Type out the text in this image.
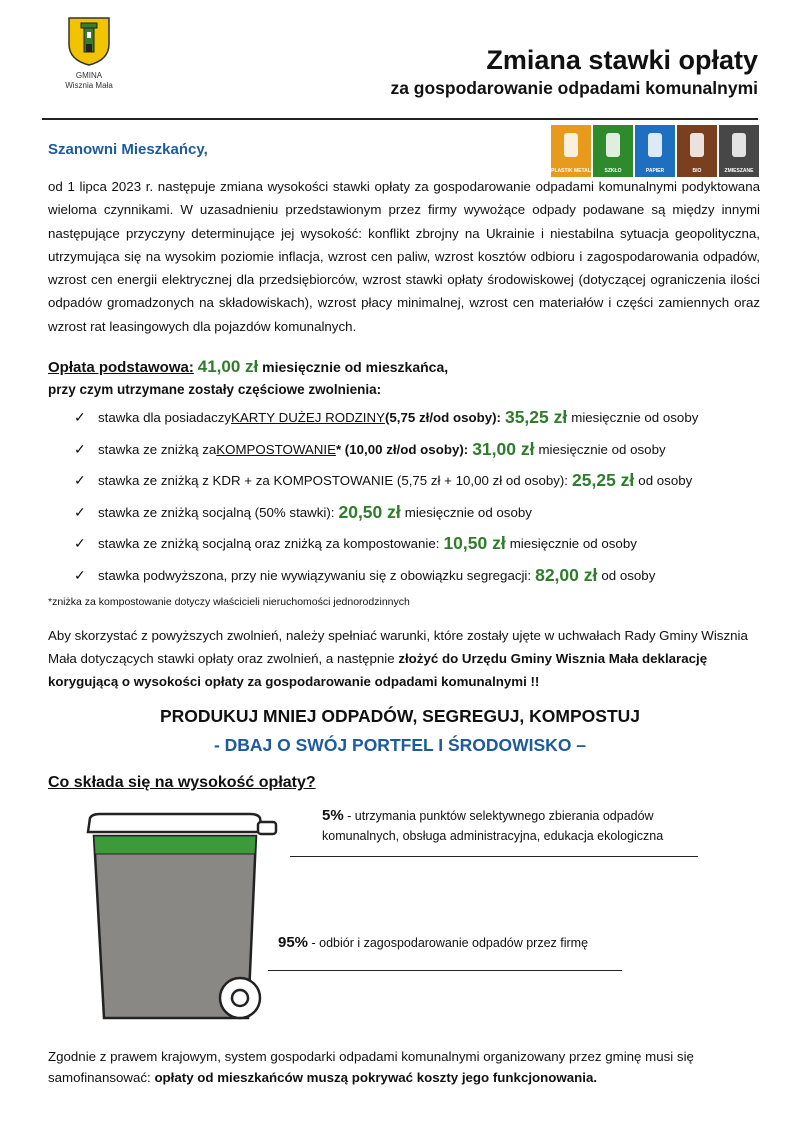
GMINA
Wisznia Mała
Zmiana stawki opłaty
za gospodarowanie odpadami komunalnymi
PLASTIK METAL	SZKŁO	PAPIER	BIO	ZMIESZANE
Szanowni Mieszkańcy,
od 1 lipca 2023 r. następuje zmiana wysokości stawki opłaty za gospodarowanie odpadami komunalnymi podyktowana wieloma czynnikami. W uzasadnieniu przedstawionym przez firmy wywożące odpady podawane są między innymi następujące przyczyny determinujące jej wysokość: konflikt zbrojny na Ukrainie i niestabilna sytuacja geopolityczna, utrzymująca się na wysokim poziomie inflacja, wzrost cen paliw, wzrost kosztów odbioru i zagospodarowania odpadów, wzrost cen energii elektrycznej dla przedsiębiorców, wzrost stawki opłaty środowiskowej (dotyczącej ograniczenia ilości odpadów gromadzonych na składowiskach), wzrost płacy minimalnej, wzrost cen materiałów i części zamiennych oraz wzrost rat leasingowych dla pojazdów komunalnych.
Opłata podstawowa: 41,00 zł miesięcznie od mieszkańca,
przy czym utrzymane zostały częściowe zwolnienia:
✓ stawka dla posiadaczy KARTY DUŻEJ RODZINY (5,75 zł/od osoby): 35,25 zł miesięcznie od osoby
✓ stawka ze zniżką za KOMPOSTOWANIE * (10,00 zł/od osoby): 31,00 zł miesięcznie od osoby
✓ stawka ze zniżką z KDR + za KOMPOSTOWANIE (5,75 zł + 10,00 zł od osoby): 25,25 zł od osoby
✓ stawka ze zniżką socjalną (50% stawki): 20,50 zł miesięcznie od osoby
✓ stawka ze zniżką socjalną oraz zniżką za kompostowanie: 10,50 zł miesięcznie od osoby
✓ stawka podwyższona, przy nie wywiązywaniu się z obowiązku segregacji: 82,00 zł od osoby
*zniżka za kompostowanie dotyczy właścicieli nieruchomości jednorodzinnych
Aby skorzystać z powyższych zwolnień, należy spełniać warunki, które zostały ujęte w uchwałach Rady Gminy Wisznia Mała dotyczących stawki opłaty oraz zwolnień, a następnie złożyć do Urzędu Gminy Wisznia Mała deklarację korygującą o wysokości opłaty za gospodarowanie odpadami komunalnymi !!
PRODUKUJ MNIEJ ODPADÓW, SEGREGUJ, KOMPOSTUJ
- DBAJ O SWÓJ PORTFEL I ŚRODOWISKO –
Co składa się na wysokość opłaty?
5% - utrzymania punktów selektywnego zbierania odpadów komunalnych, obsługa administracyjna, edukacja ekologiczna
95% - odbiór i zagospodarowanie odpadów przez firmę
Zgodnie z prawem krajowym, system gospodarki odpadami komunalnymi organizowany przez gminę musi się samofinansować: opłaty od mieszkańców muszą pokrywać koszty jego funkcjonowania.
